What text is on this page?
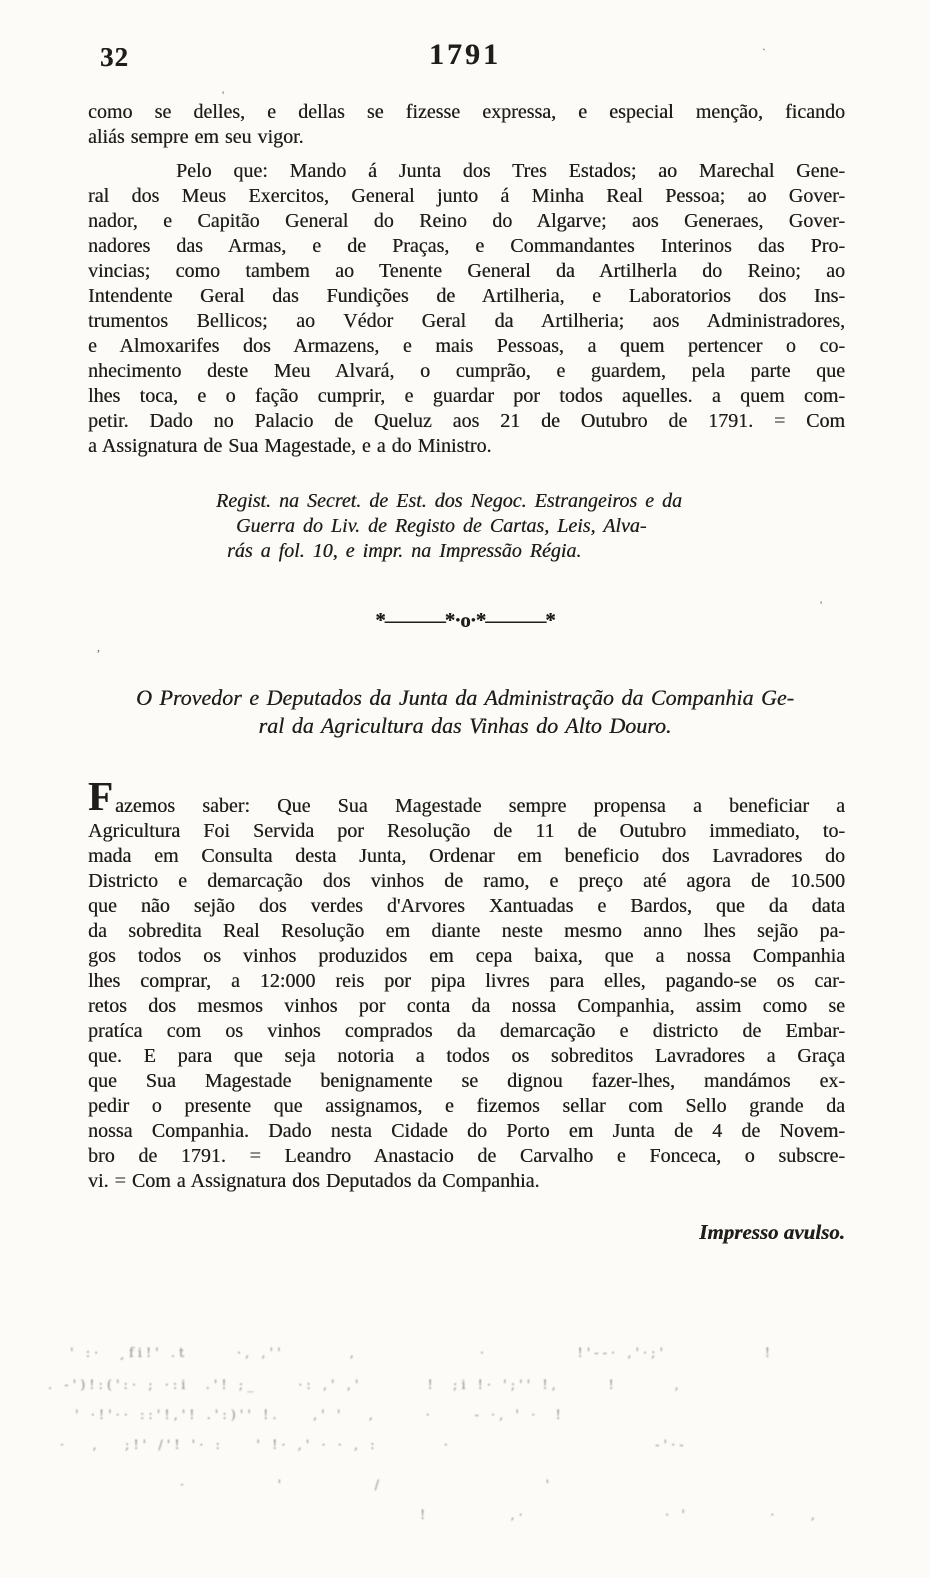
32	1791	`
'
como se delles, e dellas se fizesse expressa, e especial menção, ficando
aliás sempre em seu vigor.
Pelo que: Mando á Junta dos Tres Estados; ao Marechal Gene-
ral dos Meus Exercitos, General junto á Minha Real Pessoa; ao Gover-
nador, e Capitão General do Reino do Algarve; aos Generaes, Gover-
nadores das Armas, e de Praças, e Commandantes Interinos das Pro-
vincias; como tambem ao Tenente General da Artilherla do Reino; ao
Intendente Geral das Fundições de Artilheria, e Laboratorios dos Ins-
trumentos Bellicos; ao Védor Geral da Artilheria; aos Administradores,
e Almoxarifes dos Armazens, e mais Pessoas, a quem pertencer o co-
nhecimento deste Meu Alvará, o cumprão, e guardem, pela parte que
lhes toca, e o fação cumprir, e guardar por todos aquelles. a quem com-
petir. Dado no Palacio de Queluz aos 21 de Outubro de 1791. = Com
a Assignatura de Sua Magestade, e a do Ministro.
Regist. na Secret. de Est. dos Negoc. Estrangeiros e da
Guerra do Liv. de Registo de Cartas, Leis, Alva-
rás a fol. 10, e impr. na Impressão Régia.
*———*·o·*———*
,
'
O Provedor e Deputados da Junta da Administração da Companhia Ge-
ral da Agricultura das Vinhas do Alto Douro.
Fazemos saber: Que Sua Magestade sempre propensa a beneficiar a
Agricultura Foi Servida por Resolução de 11 de Outubro immediato, to-
mada em Consulta desta Junta, Ordenar em beneficio dos Lavradores do
Districto e demarcação dos vinhos de ramo, e preço até agora de 10.500
que não sejão dos verdes d'Arvores Xantuadas e Bardos, que da data
da sobredita Real Resolução em diante neste mesmo anno lhes sejão pa-
gos todos os vinhos produzidos em cepa baixa, que a nossa Companhia
lhes comprar, a 12:000 reis por pipa livres para elles, pagando-se os car-
retos dos mesmos vinhos por conta da nossa Companhia, assim como se
pratíca com os vinhos comprados da demarcação e districto de Embar-
que. E para que seja notoria a todos os sobreditos Lavradores a Graça
que Sua Magestade benignamente se dignou fazer-lhes, mandámos ex-
pedir o presente que assignamos, e fizemos sellar com Sello grande da
nossa Companhia. Dado nesta Cidade do Porto em Junta de 4 de Novem-
bro de 1791. = Leandro Anastacio de Carvalho e Fonceca, o subscre-
vi. = Com a Assignatura dos Deputados da Companhia.
Impresso avulso.
' :·  ¸fi!' .t      ·, ,''        ,               ·           !'--· ,'·;'            !
. -')!:(':· ; ·:i  .'! ;_     ·: ,' ,'        !  ;i !· ';'' !,      !       ,
' ·!'·· ::'!,'! .':)'' !.    ,' '   ,      ·     - ·, ' ·  !
·   ,   ;!' /'! '· :    ' !· ,' · · , :        ·                         -'·-
·           '           /                    '
!          ,·                 · '          ·    ,
